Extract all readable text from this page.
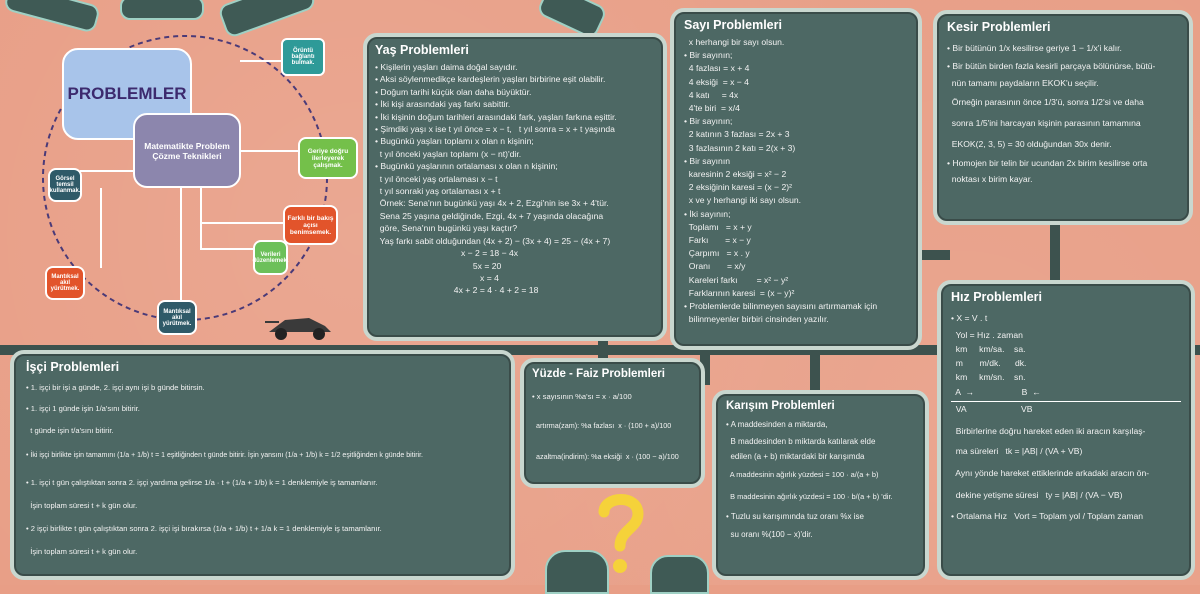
PROBLEMLER
Matematikte Problem Çözme Teknikleri
Örüntü bağlantı bulmak.
Geriye doğru ilerleyerek çalışmak.
Farklı bir bakış açısı benimsemek.
Verileri düzenlemek.
Mantıksal akıl yürütmek.
Mantıksal akıl yürütmek.
Görsel temsil kullanmak.
Yaş Problemleri
• Kişilerin yaşları daima doğal sayıdır.
• Aksi söylenmedikçe kardeşlerin yaşları birbirine eşit olabilir.
• Doğum tarihi küçük olan daha büyüktür.
• İki kişi arasındaki yaş farkı sabittir.
• İki kişinin doğum tarihleri arasındaki fark, yaşları farkına eşittir.
• Şimdiki yaşı x ise t yıl önce = x − t,   t yıl sonra = x + t yaşında
• Bugünkü yaşları toplamı x olan n kişinin;
t yıl önceki yaşları toplamı (x − nt)'dir.
• Bugünkü yaşlarının ortalaması x olan n kişinin;
t yıl önceki yaş ortalaması x − t
t yıl sonraki yaş ortalaması x + t
Örnek: Sena'nın bugünkü yaşı 4x + 2, Ezgi'nin ise 3x + 4'tür.
Sena 25 yaşına geldiğinde, Ezgi, 4x + 7 yaşında olacağına
göre, Sena'nın bugünkü yaşı kaçtır?
Yaş farkı sabit olduğundan (4x + 2) − (3x + 4) = 25 − (4x + 7)
x − 2 = 18 − 4x
5x = 20
x = 4
4x + 2 = 4 · 4 + 2 = 18
Sayı Problemleri
x herhangi bir sayı olsun.
• Bir sayının;
4 fazlası = x + 4
4 eksiği  = x − 4
4 katı     = 4x
4'te biri  = x/4
• Bir sayının;
2 katının 3 fazlası = 2x + 3
3 fazlasının 2 katı = 2(x + 3)
• Bir sayının
karesinin 2 eksiği = x² − 2
2 eksiğinin karesi = (x − 2)²
x ve y herhangi iki sayı olsun.
• İki sayının;
Toplamı   = x + y
Farkı       = x − y
Çarpımı   = x . y
Oranı       = x/y
Kareleri farkı        = x² − y²
Farklarının karesi  = (x − y)²
• Problemlerde bilinmeyen sayısını artırmamak için
bilinmeyenler birbiri cinsinden yazılır.
Kesir Problemleri
• Bir bütünün 1/x kesilirse geriye 1 − 1/x'i kalır.
• Bir bütün birden fazla kesirli parçaya bölünürse, bütü-
nün tamamı paydaların EKOK'u seçilir.
Örneğin parasının önce 1/3'ü, sonra 1/2'si ve daha
sonra 1/5'ini harcayan kişinin parasının tamamına
EKOK(2, 3, 5) = 30 olduğundan 30x denir.
• Homojen bir telin bir ucundan 2x birim kesilirse orta
noktası x birim kayar.
Hız Problemleri
• X = V . t
Yol = Hız . zaman
km     km/sa.    sa.
m       m/dk.      dk.
km     km/sn.    sn.
A  →                    B  ←
VA                       VB
Birbirlerine doğru hareket eden iki aracın karşılaş-
ma süreleri   tk = |AB| / (VA + VB)
Aynı yönde hareket ettiklerinde arkadaki aracın ön-
dekine yetişme süresi   ty = |AB| / (VA − VB)
• Ortalama Hız   Vort = Toplam yol / Toplam zaman
İşçi Problemleri
• 1. işçi bir işi a günde, 2. işçi aynı işi b günde bitirsin.
• 1. işçi 1 günde işin 1/a'sını bitirir.
t günde işin t/a'sını bitirir.
• İki işçi birlikte işin tamamını (1/a + 1/b) t = 1 eşitliğinden t günde bitirir. İşin yansını (1/a + 1/b) k = 1/2 eşitliğinden k günde bitirir.
• 1. işçi t gün çalıştıktan sonra 2. işçi yardıma gelirse 1/a · t + (1/a + 1/b) k = 1 denklemiyle iş tamamlanır.
İşin toplam süresi t + k gün olur.
• 2 işçi birlikte t gün çalıştıktan sonra 2. işçi işi bırakırsa (1/a + 1/b) t + 1/a k = 1 denklemiyle iş tamamlanır.
İşin toplam süresi t + k gün olur.
Yüzde - Faiz Problemleri
• x sayısının %a'sı = x · a/100
artırma(zam): %a fazlası  x · (100 + a)/100
azaltma(indirim): %a eksiği  x · (100 − a)/100
Karışım Problemleri
• A maddesinden a miktarda,
B maddesinden b miktarda katılarak elde
edilen (a + b) miktardaki bir karışımda
A maddesinin ağırlık yüzdesi = 100 · a/(a + b)
B maddesinin ağırlık yüzdesi = 100 · b/(a + b) 'dir.
• Tuzlu su karışımında tuz oranı %x ise
su oranı %(100 − x)'dir.
